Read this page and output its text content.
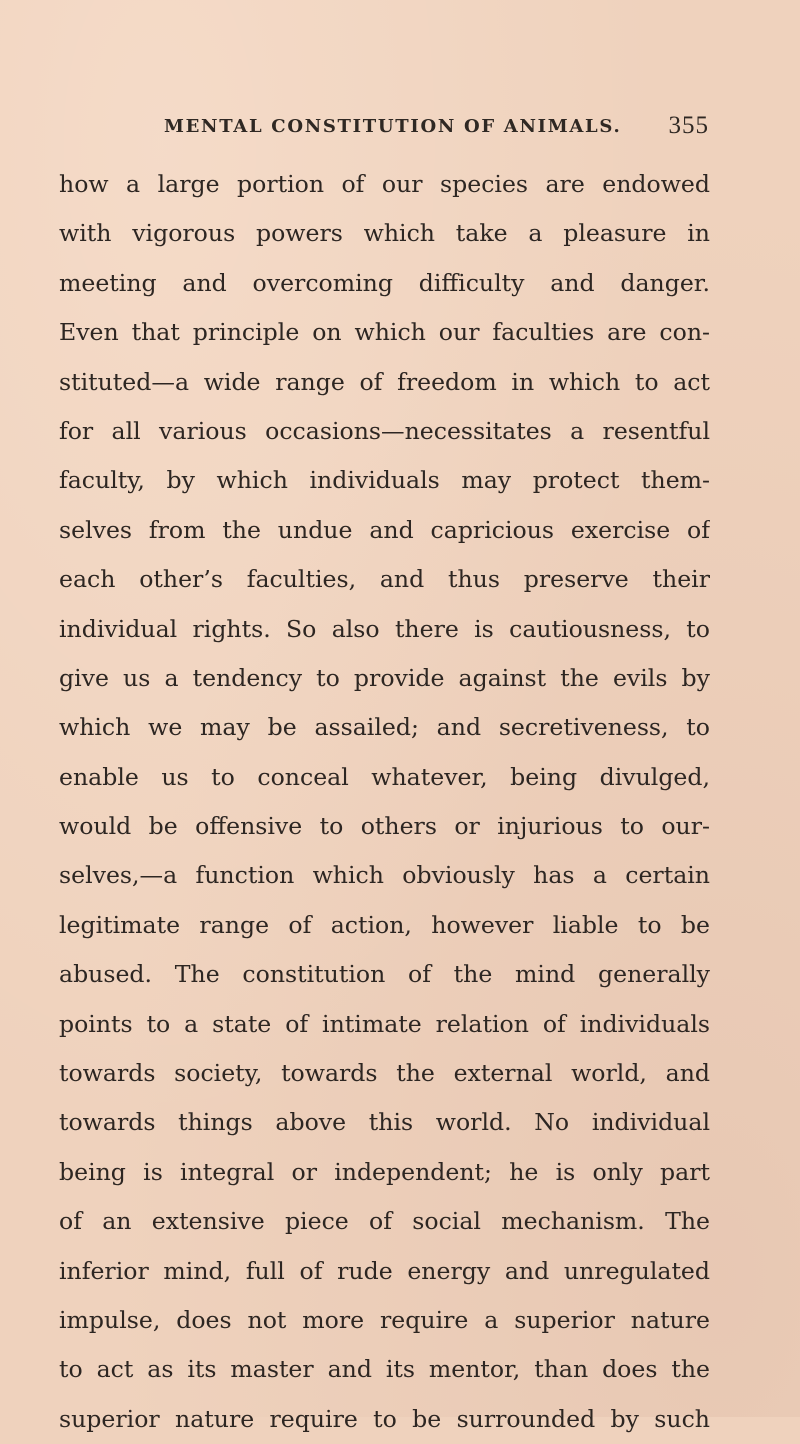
MENTAL CONSTITUTION OF ANIMALS. 355
how a large portion of our species are endowed
with vigorous powers which take a pleasure in
meeting and overcoming difficulty and danger.
Even that principle on which our faculties are con-
stituted—a wide range of freedom in which to act
for all various occasions—necessitates a resentful
faculty, by which individuals may protect them-
selves from the undue and capricious exercise of
each other’s faculties, and thus preserve their
individual rights. So also there is cautiousness, to
give us a tendency to provide against the evils by
which we may be assailed; and secretiveness, to
enable us to conceal whatever, being divulged,
would be offensive to others or injurious to our-
selves,—a function which obviously has a certain
legitimate range of action, however liable to be
abused. The constitution of the mind generally
points to a state of intimate relation of individuals
towards society, towards the external world, and
towards things above this world. No individual
being is integral or independent; he is only part
of an extensive piece of social mechanism. The
inferior mind, full of rude energy and unregulated
impulse, does not more require a superior nature
to act as its master and its mentor, than does the
superior nature require to be surrounded by such
